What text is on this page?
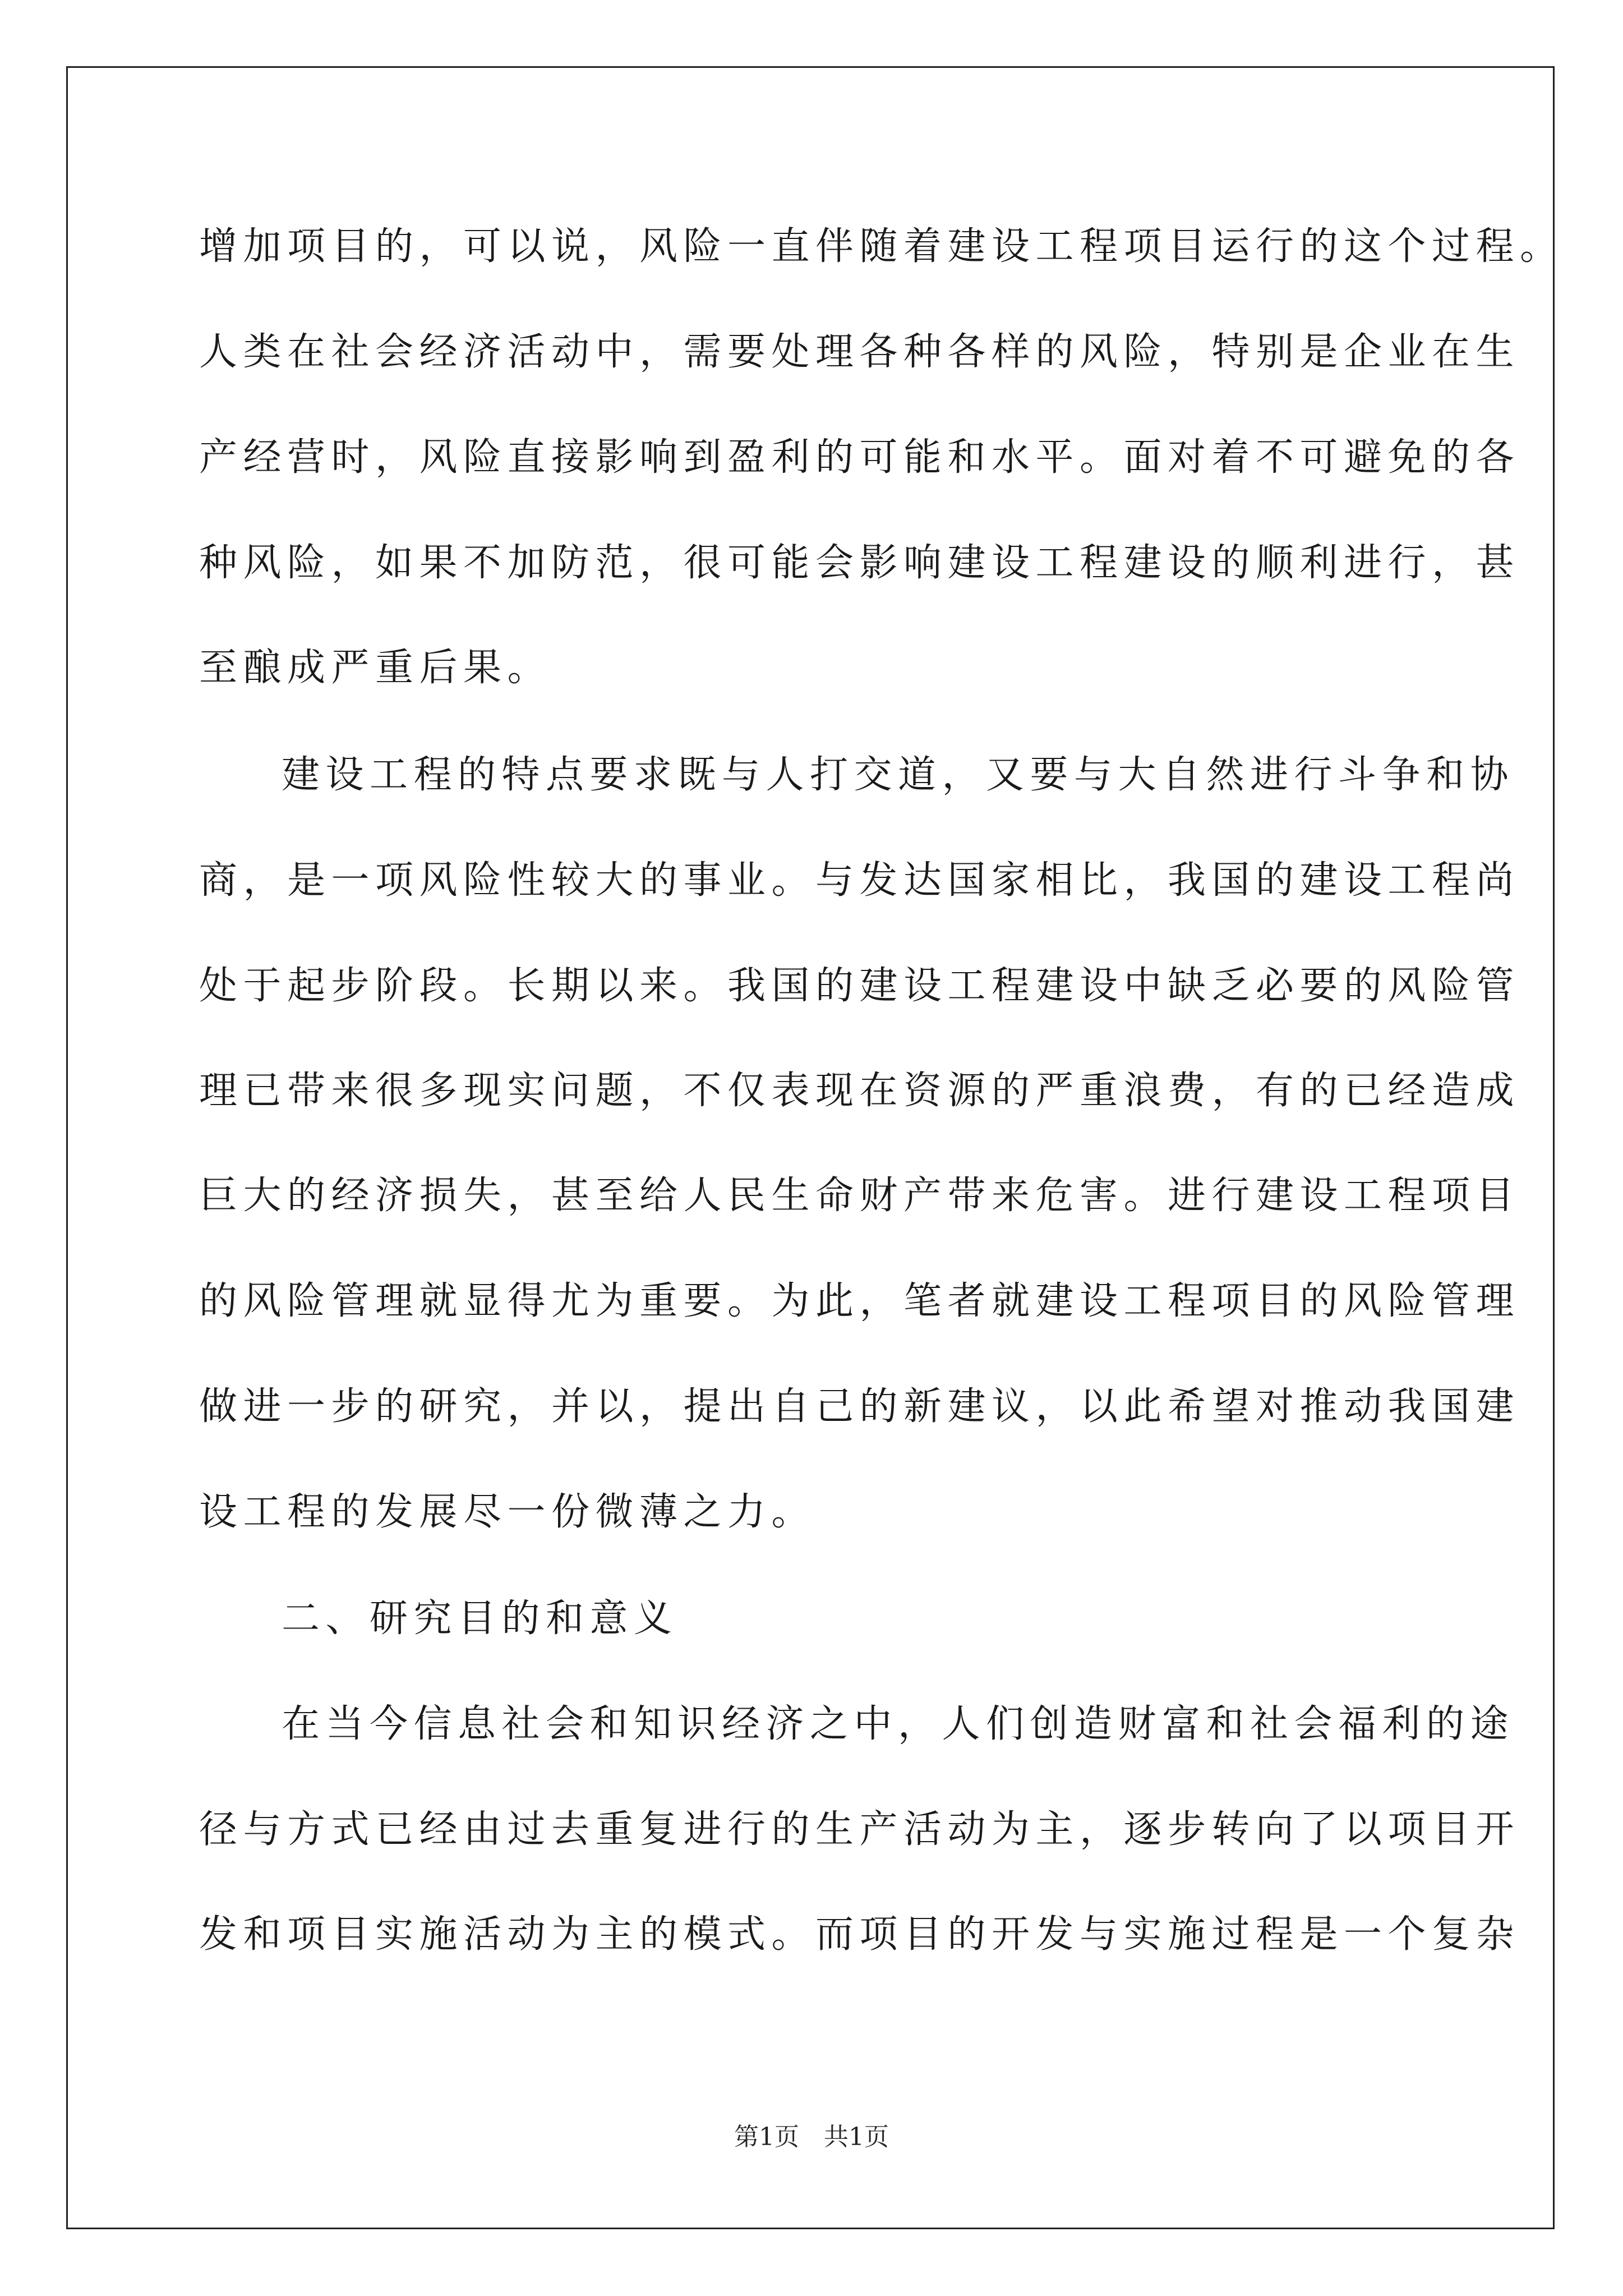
增加项目的，可以说，风险一直伴随着建设工程项目运行的这个过程。
人类在社会经济活动中，需要处理各种各样的风险，特别是企业在生
产经营时，风险直接影响到盈利的可能和水平。面对着不可避免的各
种风险，如果不加防范，很可能会影响建设工程建设的顺利进行，甚
至酿成严重后果。
建设工程的特点要求既与人打交道，又要与大自然进行斗争和协
商，是一项风险性较大的事业。与发达国家相比，我国的建设工程尚
处于起步阶段。长期以来。我国的建设工程建设中缺乏必要的风险管
理已带来很多现实问题，不仅表现在资源的严重浪费，有的已经造成
巨大的经济损失，甚至给人民生命财产带来危害。进行建设工程项目
的风险管理就显得尤为重要。为此，笔者就建设工程项目的风险管理
做进一步的研究，并以，提出自己的新建议，以此希望对推动我国建
设工程的发展尽一份微薄之力。
二、研究目的和意义
在当今信息社会和知识经济之中，人们创造财富和社会福利的途
径与方式已经由过去重复进行的生产活动为主，逐步转向了以项目开
发和项目实施活动为主的模式。而项目的开发与实施过程是一个复杂
第1页　共1页
